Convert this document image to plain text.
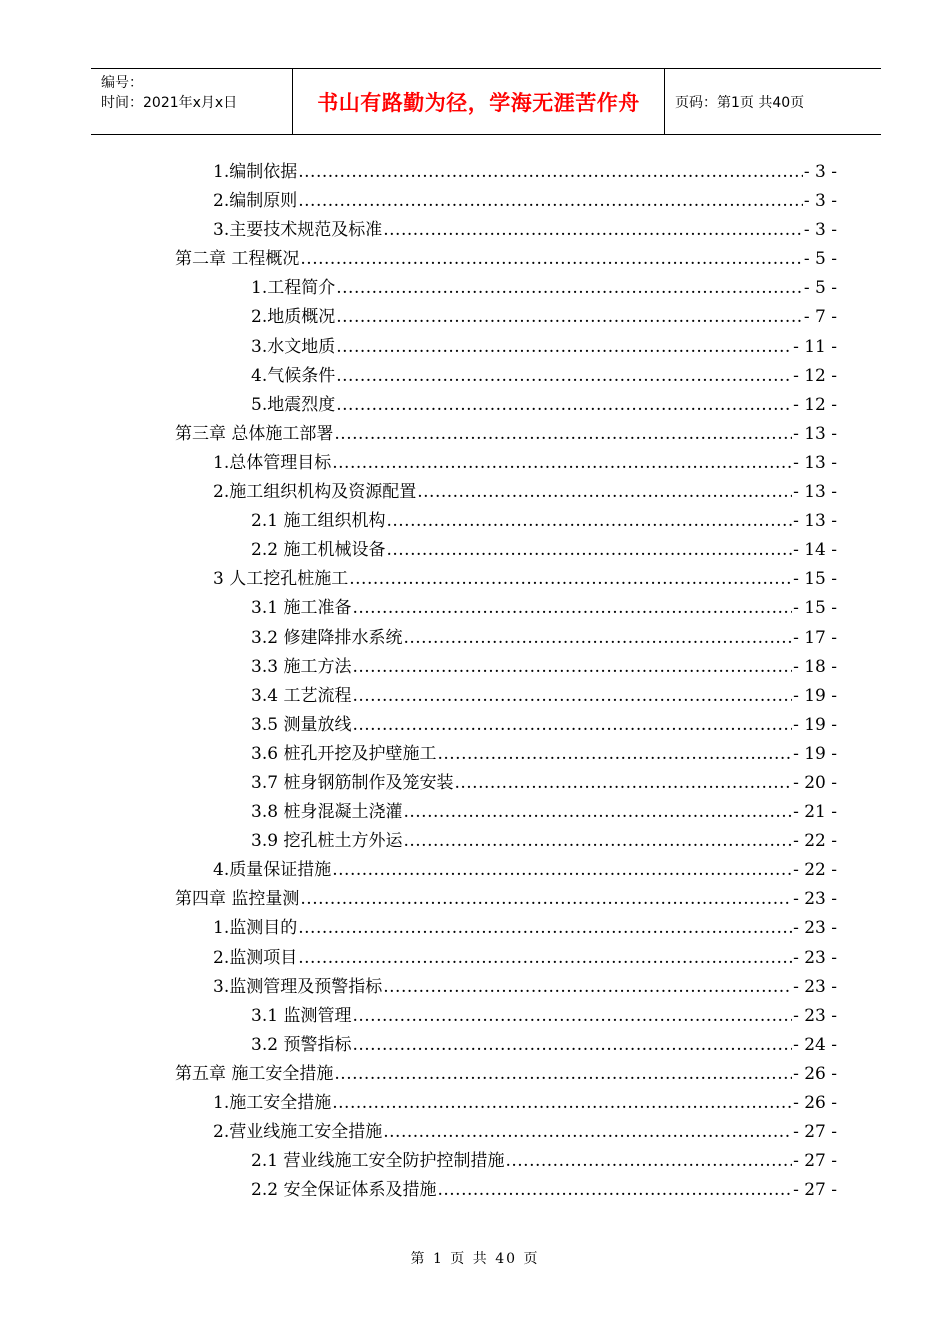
编号：
时间：2021年x月x日	书山有路勤为径，学海无涯苦作舟	页码：第1页 共40页
1.编制依据 .....	- 3 -
2.编制原则 .....	- 3 -
3.主要技术规范及标准 .....	- 3 -
第二章 工程概况 .....	- 5 -
1.工程简介 .....	- 5 -
2.地质概况 .....	- 7 -
3.水文地质 .....	- 11 -
4.气候条件 .....	- 12 -
5.地震烈度 .....	- 12 -
第三章 总体施工部署 .....	- 13 -
1.总体管理目标 .....	- 13 -
2.施工组织机构及资源配置 .....	- 13 -
2.1 施工组织机构 .....	- 13 -
2.2 施工机械设备 .....	- 14 -
3 人工挖孔桩施工 .....	- 15 -
3.1 施工准备 .....	- 15 -
3.2 修建降排水系统 .....	- 17 -
3.3 施工方法 .....	- 18 -
3.4 工艺流程 .....	- 19 -
3.5 测量放线 .....	- 19 -
3.6 桩孔开挖及护壁施工 .....	- 19 -
3.7 桩身钢筋制作及笼安装 .....	- 20 -
3.8 桩身混凝土浇灌 .....	- 21 -
3.9 挖孔桩土方外运 .....	- 22 -
4.质量保证措施 .....	- 22 -
第四章 监控量测 .....	- 23 -
1.监测目的 .....	- 23 -
2.监测项目 .....	- 23 -
3.监测管理及预警指标 .....	- 23 -
3.1 监测管理 .....	- 23 -
3.2 预警指标 .....	- 24 -
第五章 施工安全措施 .....	- 26 -
1.施工安全措施 .....	- 26 -
2.营业线施工安全措施 .....	- 27 -
2.1 营业线施工安全防护控制措施 .....	- 27 -
2.2 安全保证体系及措施 .....	- 27 -
第 1 页 共 40 页
